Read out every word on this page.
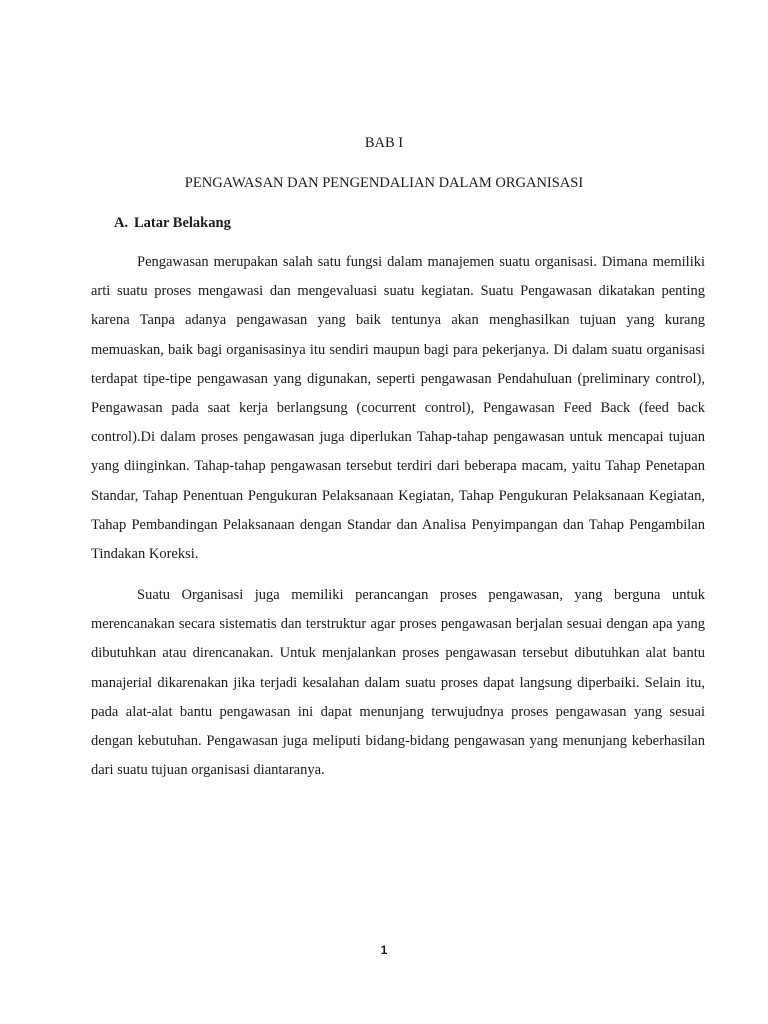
BAB I
PENGAWASAN DAN PENGENDALIAN DALAM ORGANISASI
A. Latar Belakang

Pengawasan merupakan salah satu fungsi dalam manajemen suatu organisasi. Dimana memiliki arti suatu proses mengawasi dan mengevaluasi suatu kegiatan. Suatu Pengawasan dikatakan penting karena Tanpa adanya pengawasan yang baik tentunya akan menghasilkan tujuan yang kurang memuaskan, baik bagi organisasinya itu sendiri maupun bagi para pekerjanya. Di dalam suatu organisasi terdapat tipe-tipe pengawasan yang digunakan, seperti pengawasan Pendahuluan (preliminary control), Pengawasan pada saat kerja berlangsung (cocurrent control), Pengawasan Feed Back (feed back control).Di dalam proses pengawasan juga diperlukan Tahap-tahap pengawasan untuk mencapai tujuan yang diinginkan. Tahap-tahap pengawasan tersebut terdiri dari beberapa macam, yaitu Tahap Penetapan Standar, Tahap Penentuan Pengukuran Pelaksanaan Kegiatan, Tahap Pengukuran Pelaksanaan Kegiatan, Tahap Pembandingan Pelaksanaan dengan Standar dan Analisa Penyimpangan dan Tahap Pengambilan Tindakan Koreksi.

Suatu Organisasi juga memiliki perancangan proses pengawasan, yang berguna untuk merencanakan secara sistematis dan terstruktur agar proses pengawasan berjalan sesuai dengan apa yang dibutuhkan atau direncanakan. Untuk menjalankan proses pengawasan tersebut dibutuhkan alat bantu manajerial dikarenakan jika terjadi kesalahan dalam suatu proses dapat langsung diperbaiki. Selain itu, pada alat-alat bantu pengawasan ini dapat menunjang terwujudnya proses pengawasan yang sesuai dengan kebutuhan. Pengawasan juga meliputi bidang-bidang pengawasan yang menunjang keberhasilan dari suatu tujuan organisasi diantaranya.

1
